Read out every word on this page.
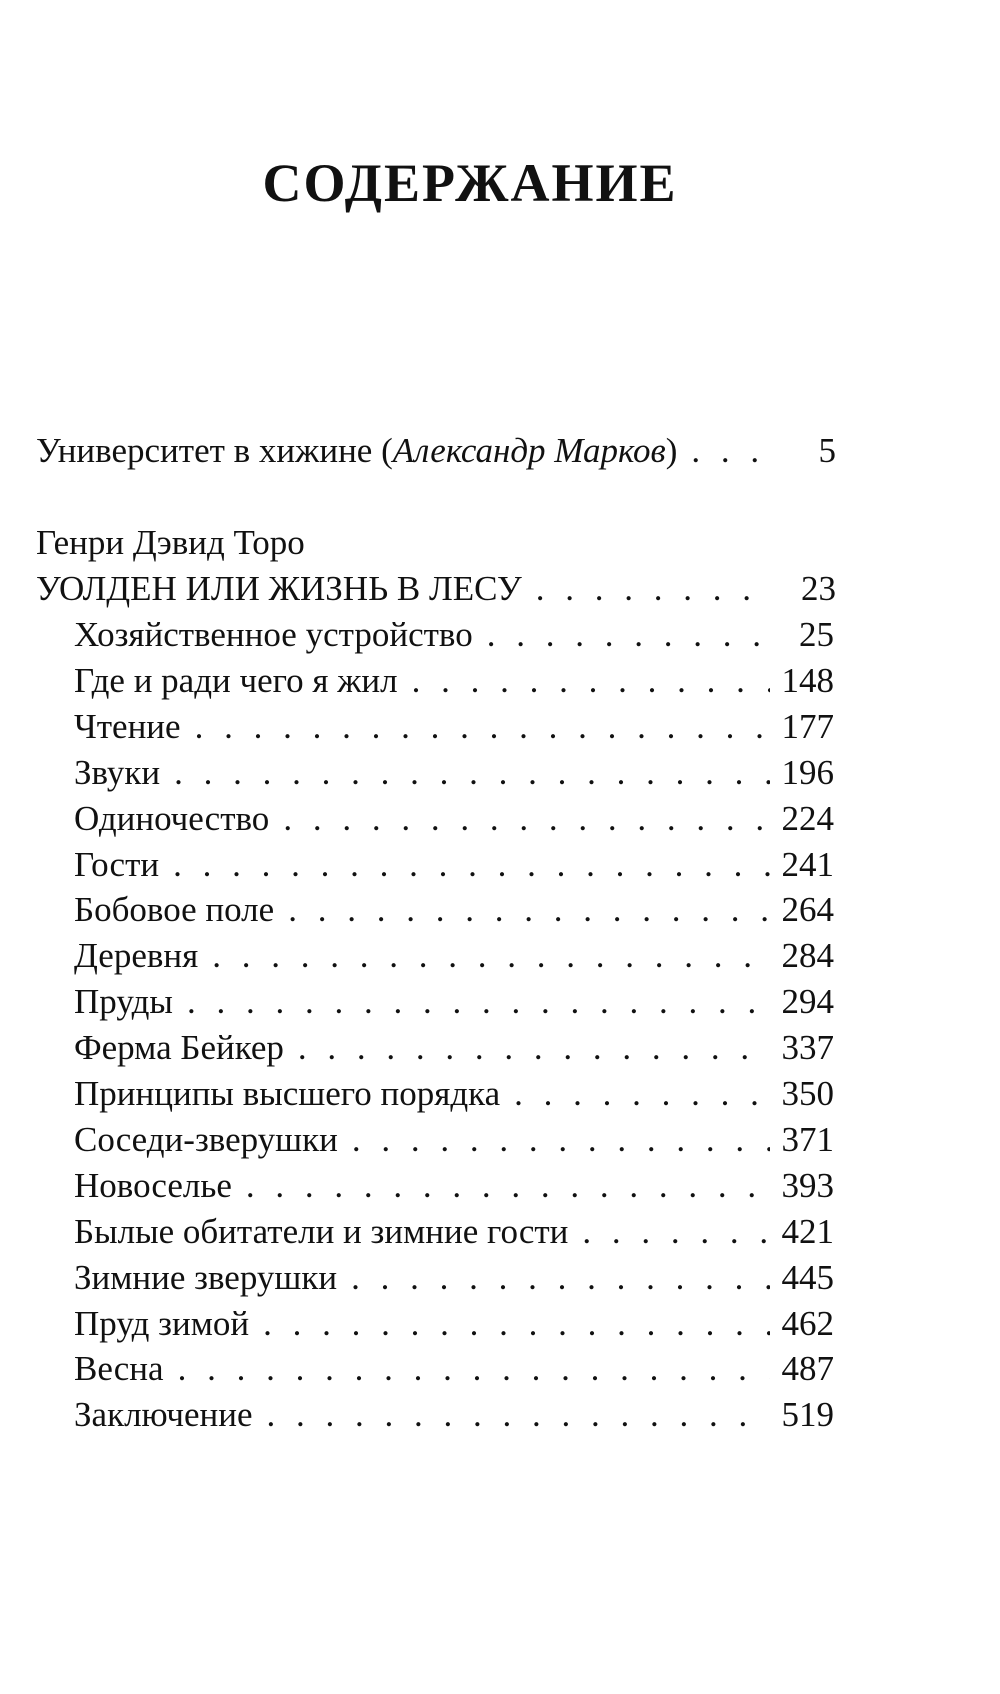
СОДЕРЖАНИЕ
Университет в хижине (Александр Марков) . . .	5
Генри Дэвид Торо
УОЛДЕН ИЛИ ЖИЗНЬ В ЛЕСУ . . .	23
Хозяйственное устройство . . .	25
Где и ради чего я жил . . .	148
Чтение . . .	177
Звуки . . .	196
Одиночество . . .	224
Гости . . .	241
Бобовое поле . . .	264
Деревня . . .	284
Пруды . . .	294
Ферма Бейкер . . .	337
Принципы высшего порядка . . .	350
Соседи-зверушки . . .	371
Новоселье . . .	393
Былые обитатели и зимние гости . . .	421
Зимние зверушки . . .	445
Пруд зимой . . .	462
Весна . . .	487
Заключение . . .	519
